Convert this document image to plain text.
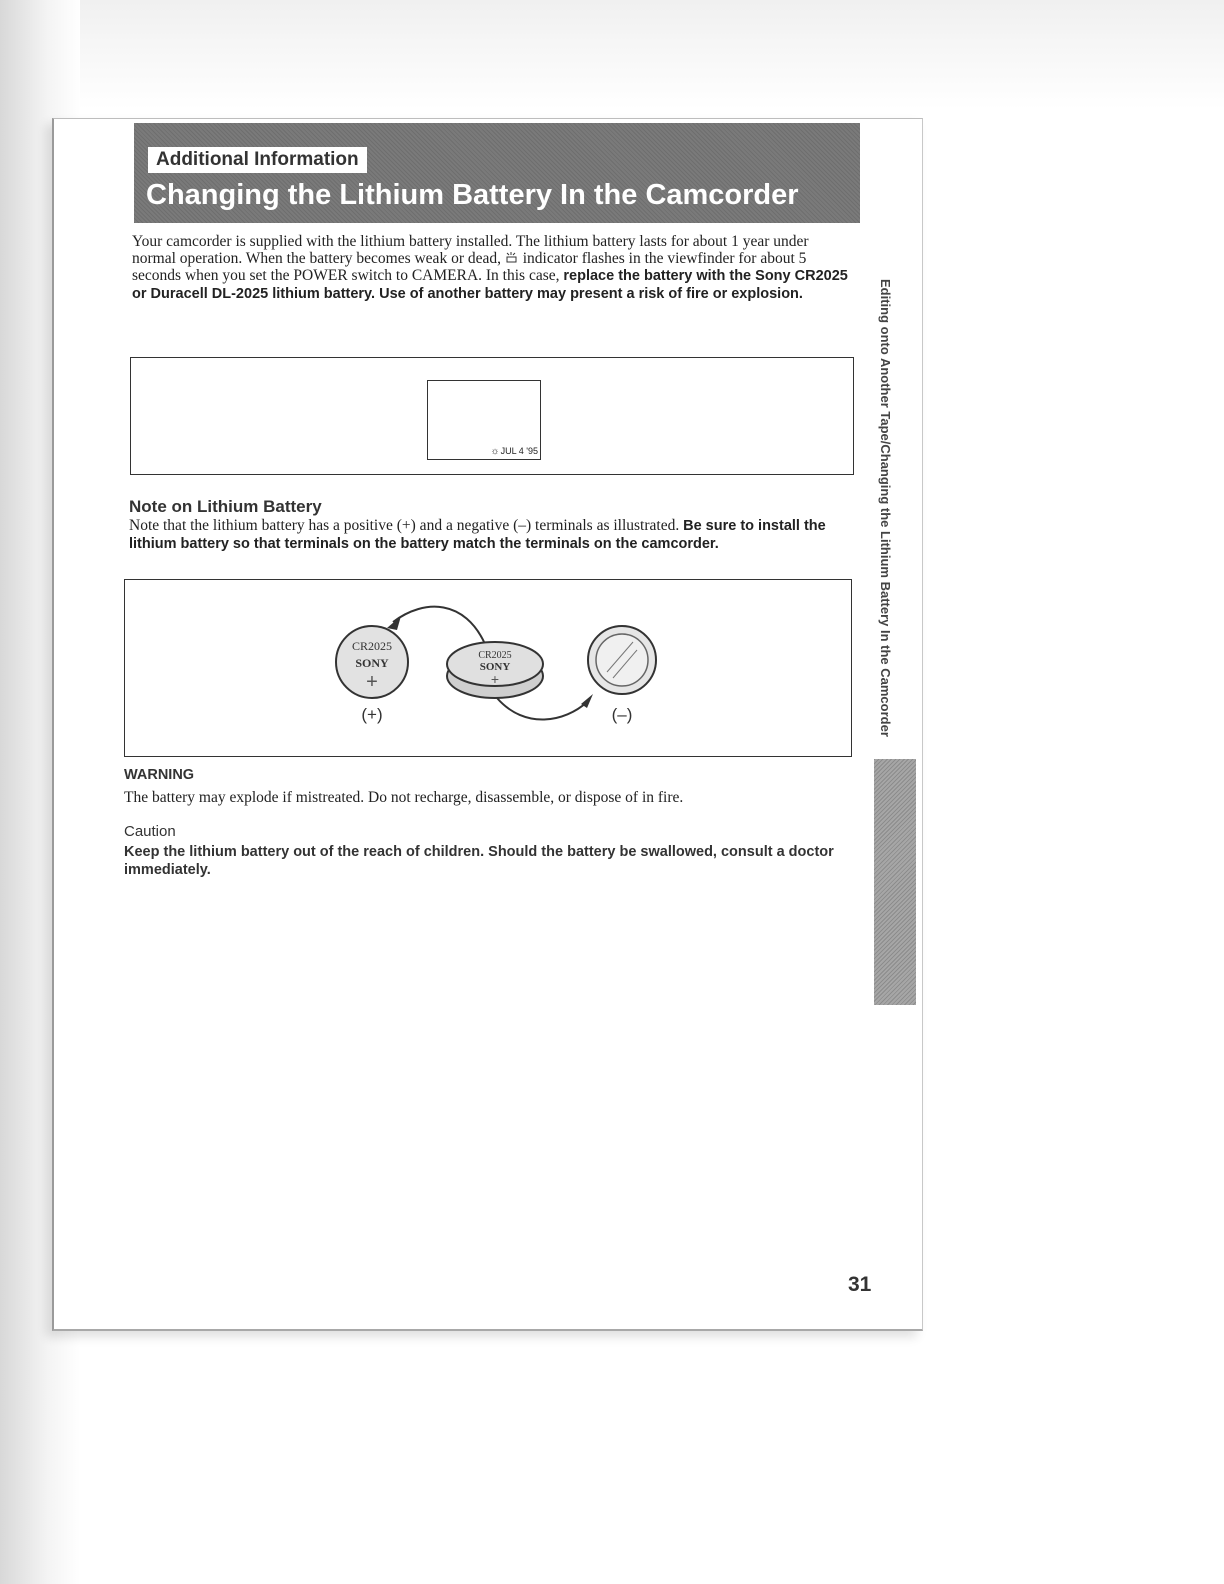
Additional Information
Changing the Lithium Battery In the Camcorder
Your camcorder is supplied with the lithium battery installed. The lithium battery lasts for about 1 year under normal operation. When the battery becomes weak or dead,  indicator flashes in the viewfinder for about 5 seconds when you set the POWER switch to CAMERA. In this case, replace the battery with the Sony CR2025 or Duracell DL-2025 lithium battery. Use of another battery may present a risk of fire or explosion.
☼JUL 4 '95
Note on Lithium Battery
Note that the lithium battery has a positive (+) and a negative (–) terminals as illustrated. Be sure to install the lithium battery so that terminals on the battery match the terminals on the camcorder.
CR2025
SONY
+
CR2025
SONY
+
(+)	(–)
WARNING
The battery may explode if mistreated. Do not recharge, disassemble, or dispose of in fire.
Caution
Keep the lithium battery out of the reach of children. Should the battery be swallowed, consult a doctor immediately.
Editing onto Another Tape/Changing the Lithium Battery In the Camcorder
31
